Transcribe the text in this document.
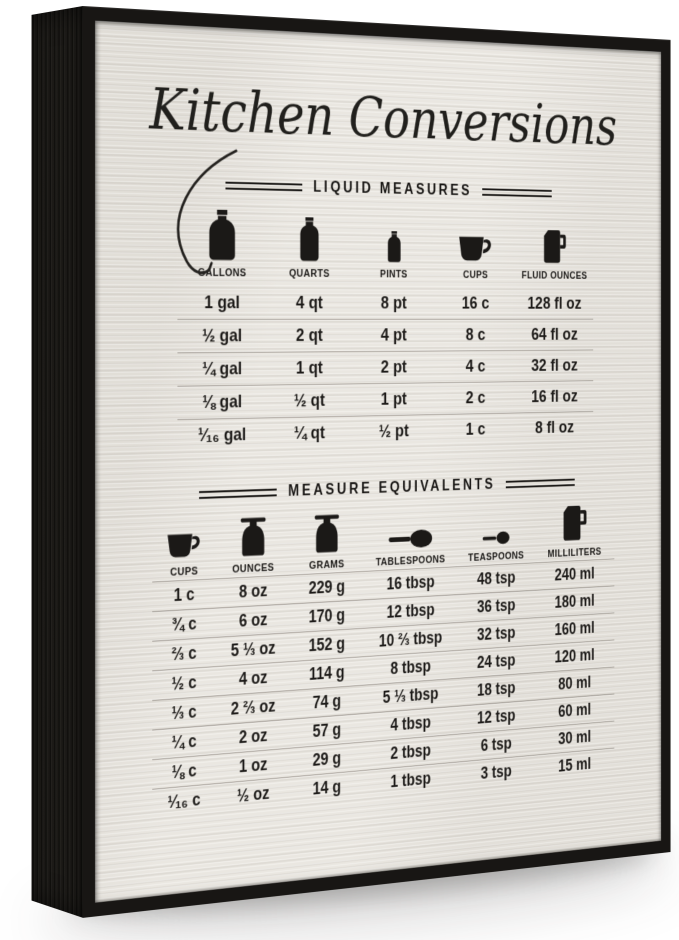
Kitchen Conversions
LIQUID MEASURES
GALLONS	QUARTS	PINTS	CUPS	FLUID OUNCES
1 gal	4 qt	8 pt	16 c 128 fl oz
½ gal	2 qt	4 pt	8 c 64 fl oz
¼ gal	1 qt	2 pt	4 c 32 fl oz
⅛ gal	½ qt	1 pt	2 c 16 fl oz
¹⁄₁₆ gal	¼ qt	½ pt	1 c	8 fl oz
MEASURE EQUIVALENTS
CUPS	OUNCES	GRAMS	TABLESPOONS TEASPOONS MILLILITERS
1 c 8 oz 229 g 16 tbsp 48 tsp 240 ml
¾ c 6 oz 170 g 12 tbsp 36 tsp 180 ml
⅔ c 5 ⅓ oz 152 g 10 ⅔ tbsp 32 tsp 160 ml
½ c 4 oz 114 g	8 tbsp	24 tsp 120 ml
⅓ c 2 ⅔ oz 74 g 5 ⅓ tbsp 18 tsp 80 ml
¼ c 2 oz	57 g	4 tbsp	12 tsp 60 ml
⅛ c 1 oz	29 g	2 tbsp	6 tsp	30 ml
¹⁄₁₆ c ½ oz 14 g	1 tbsp	3 tsp	15 ml
